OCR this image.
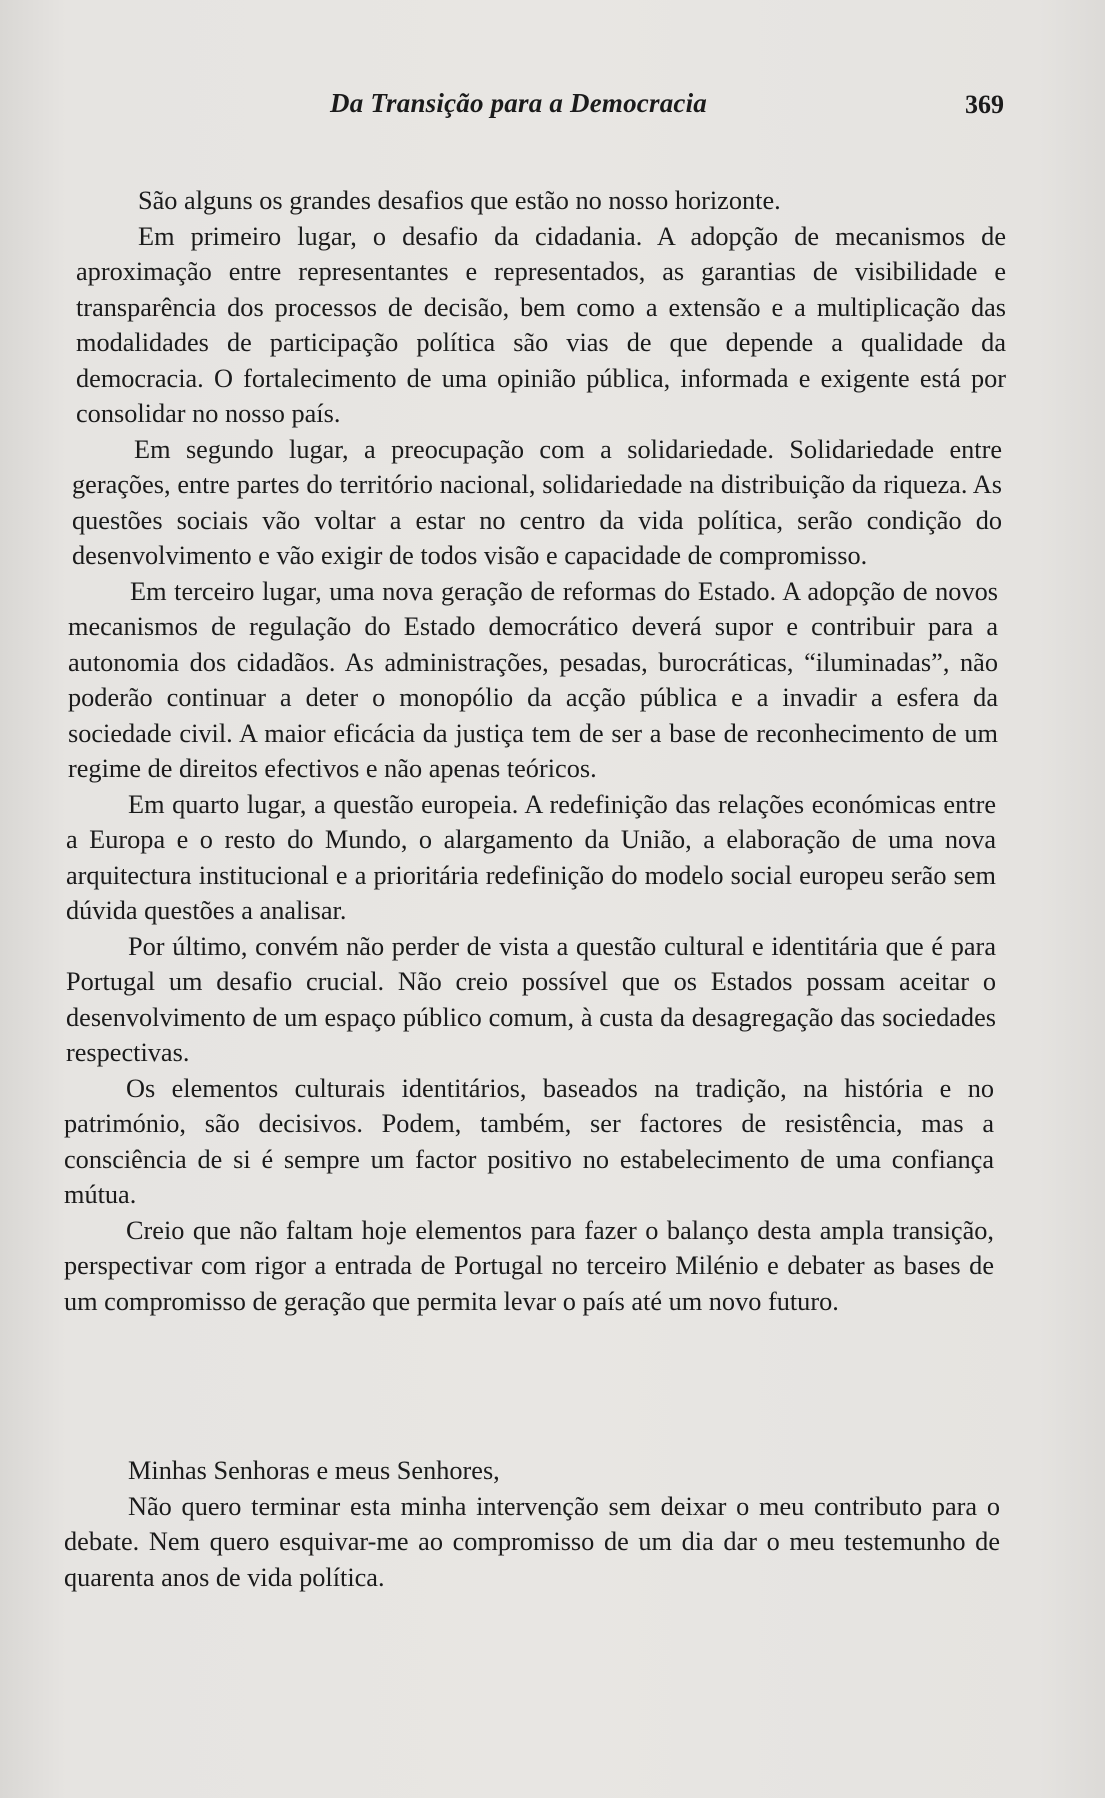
Da Transição para a Democracia	369

São alguns os grandes desafios que estão no nosso horizonte.

Em primeiro lugar, o desafio da cidadania. A adopção de mecanismos de aproximação entre representantes e representados, as garantias de visibilidade e transparência dos processos de decisão, bem como a extensão e a multiplicação das modalidades de participação política são vias de que depende a qualidade da democracia. O fortalecimento de uma opinião pública, informada e exigente está por consolidar no nosso país.

Em segundo lugar, a preocupação com a solidariedade. Solidariedade entre gerações, entre partes do território nacional, solidariedade na distribuição da riqueza. As questões sociais vão voltar a estar no centro da vida política, serão condição do desenvolvimento e vão exigir de todos visão e capacidade de compromisso.

Em terceiro lugar, uma nova geração de reformas do Estado. A adopção de novos mecanismos de regulação do Estado democrático deverá supor e contribuir para a autonomia dos cidadãos. As administrações, pesadas, burocráticas, “iluminadas”, não poderão continuar a deter o monopólio da acção pública e a invadir a esfera da sociedade civil. A maior eficácia da justiça tem de ser a base de reconhecimento de um regime de direitos efectivos e não apenas teóricos.

Em quarto lugar, a questão europeia. A redefinição das relações económicas entre a Europa e o resto do Mundo, o alargamento da União, a elaboração de uma nova arquitectura institucional e a prioritária redefinição do modelo social europeu serão sem dúvida questões a analisar.

Por último, convém não perder de vista a questão cultural e identitária que é para Portugal um desafio crucial. Não creio possível que os Estados possam aceitar o desenvolvimento de um espaço público comum, à custa da desagregação das sociedades respectivas.

Os elementos culturais identitários, baseados na tradição, na história e no património, são decisivos. Podem, também, ser factores de resistência, mas a consciência de si é sempre um factor positivo no estabelecimento de uma confiança mútua.

Creio que não faltam hoje elementos para fazer o balanço desta ampla transição, perspectivar com rigor a entrada de Portugal no terceiro Milénio e debater as bases de um compromisso de geração que permita levar o país até um novo futuro.

Minhas Senhoras e meus Senhores,

Não quero terminar esta minha intervenção sem deixar o meu contributo para o debate. Nem quero esquivar-me ao compromisso de um dia dar o meu testemunho de quarenta anos de vida política.
